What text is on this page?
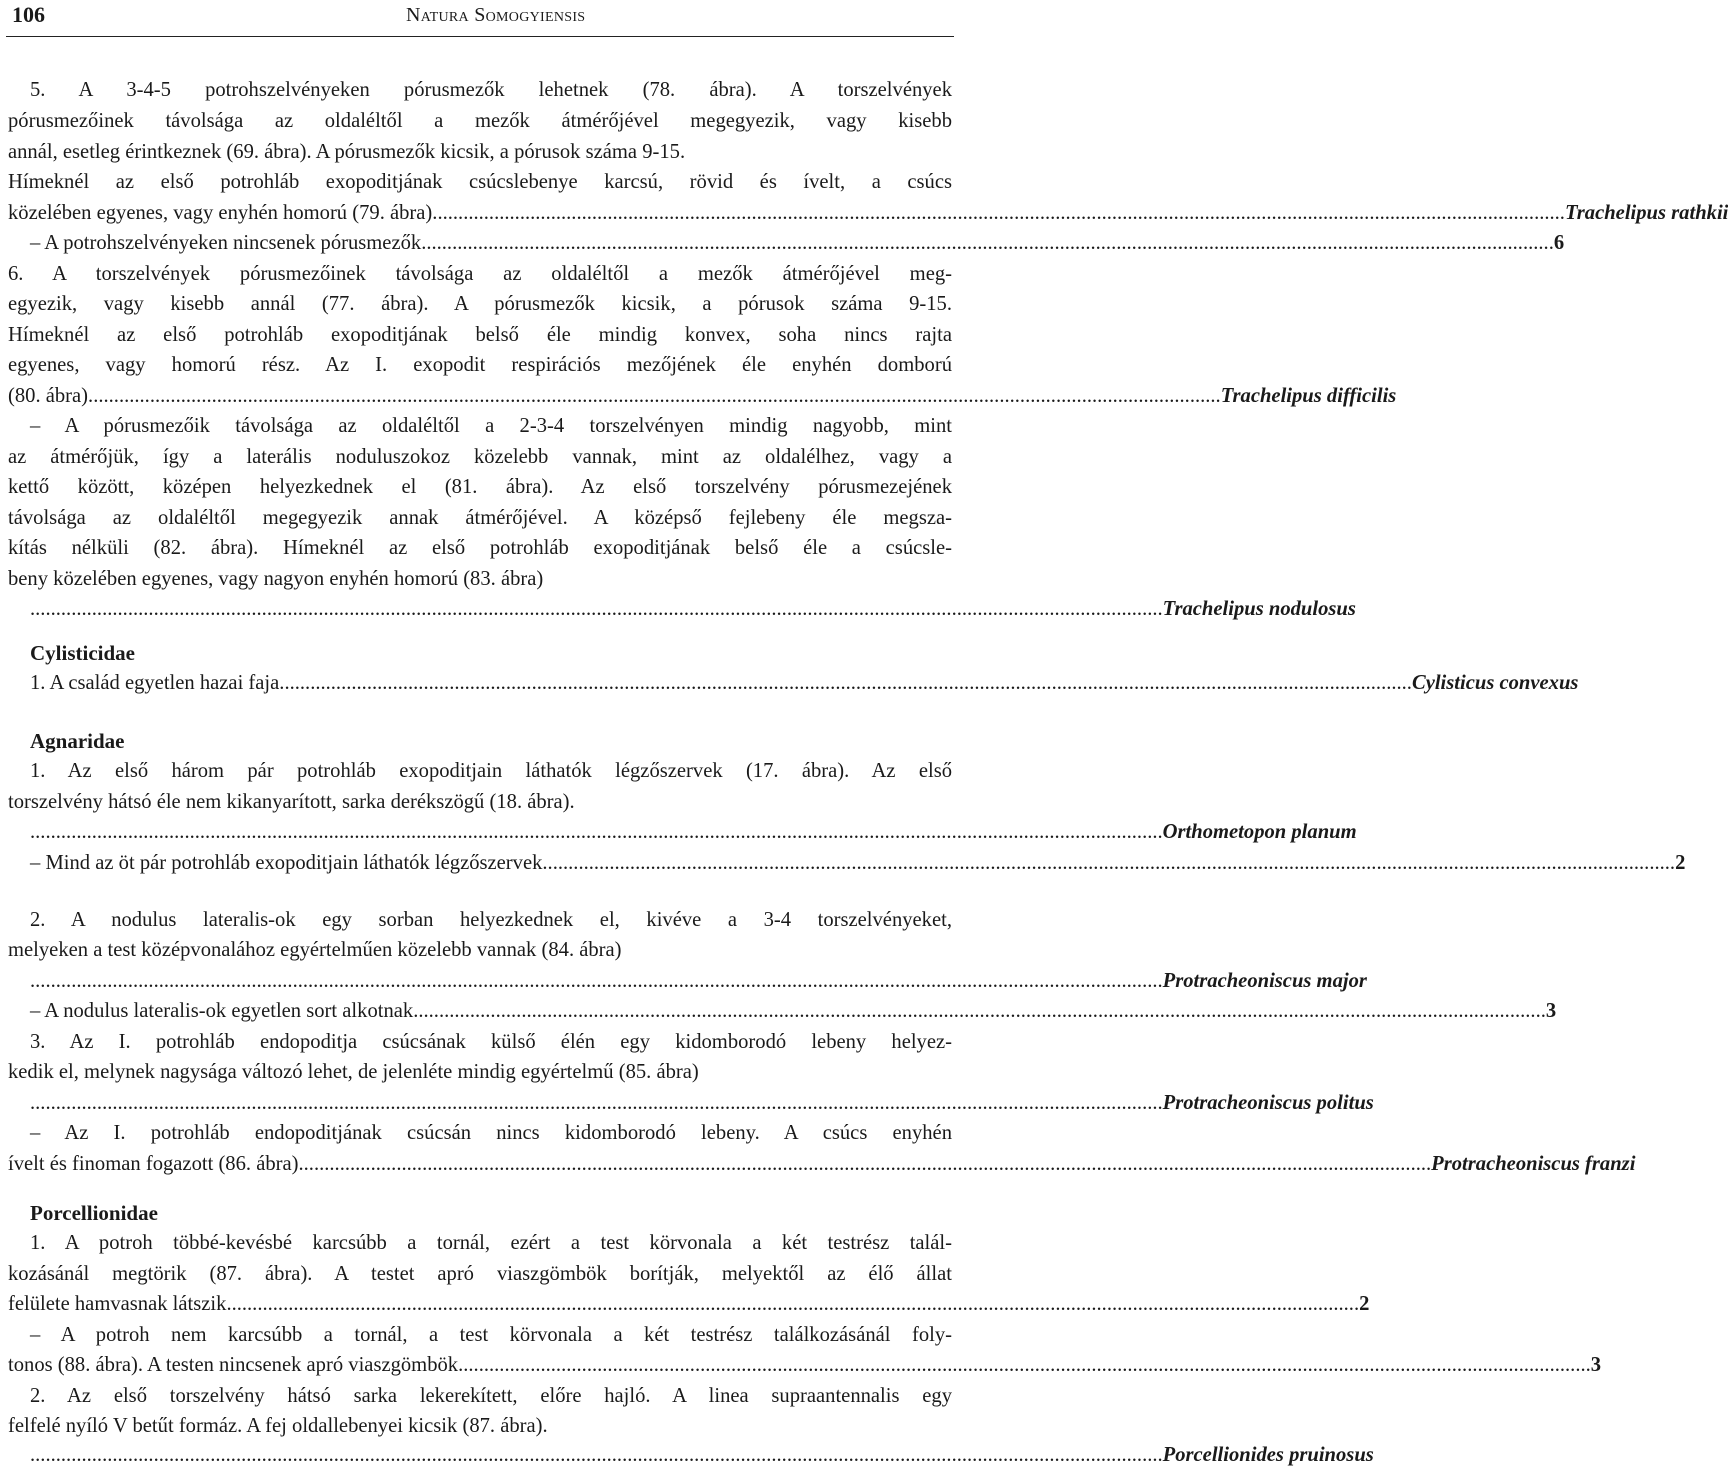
106	Natura Somogyiensis
5. A 3-4-5 potrohszelvényeken pórusmezők lehetnek (78. ábra). A torszelvények
pórusmezőinek távolsága az oldaléltől a mezők átmérőjével megegyezik, vagy kisebb
annál, esetleg érintkeznek (69. ábra). A pórusmezők kicsik, a pórusok száma 9-15.
Hímeknél az első potrohláb exopoditjának csúcslebenye karcsú, rövid és ívelt, a csúcs
közelében egyenes, vagy enyhén homorú (79. ábra) ............................................................................................................................................................................................................................ Trachelipus rathkii
– A potrohszelvényeken nincsenek pórusmezők ............................................................................................................................................................................................................................ 6
6. A torszelvények pórusmezőinek távolsága az oldaléltől a mezők átmérőjével meg-
egyezik, vagy kisebb annál (77. ábra). A pórusmezők kicsik, a pórusok száma 9-15.
Hímeknél az első potrohláb exopoditjának belső éle mindig konvex, soha nincs rajta
egyenes, vagy homorú rész. Az I. exopodit respirációs mezőjének éle enyhén domború
(80. ábra) ............................................................................................................................................................................................................................ Trachelipus difficilis
– A pórusmezőik távolsága az oldaléltől a 2-3-4 torszelvényen mindig nagyobb, mint
az átmérőjük, így a laterális noduluszokoz közelebb vannak, mint az oldalélhez, vagy a
kettő között, középen helyezkednek el (81. ábra). Az első torszelvény pórusmezejének
távolsága az oldaléltől megegyezik annak átmérőjével. A középső fejlebeny éle megsza-
kítás nélküli (82. ábra). Hímeknél az első potrohláb exopoditjának belső éle a csúcsle-
beny közelében egyenes, vagy nagyon enyhén homorú (83. ábra)
............................................................................................................................................................................................................................ Trachelipus nodulosus
Cylisticidae
1. A család egyetlen hazai faja ............................................................................................................................................................................................................................ Cylisticus convexus
Agnaridae
1. Az első három pár potrohláb exopoditjain láthatók légzőszervek (17. ábra). Az első
torszelvény hátsó éle nem kikanyarított, sarka derékszögű (18. ábra).
............................................................................................................................................................................................................................ Orthometopon planum
– Mind az öt pár potrohláb exopoditjain láthatók légzőszervek ............................................................................................................................................................................................................................ 2
2. A nodulus lateralis-ok egy sorban helyezkednek el, kivéve a 3-4 torszelvényeket,
melyeken a test középvonalához egyértelműen közelebb vannak (84. ábra)
............................................................................................................................................................................................................................ Protracheoniscus major
– A nodulus lateralis-ok egyetlen sort alkotnak ............................................................................................................................................................................................................................ 3
3. Az I. potrohláb endopoditja csúcsának külső élén egy kidomborodó lebeny helyez-
kedik el, melynek nagysága változó lehet, de jelenléte mindig egyértelmű (85. ábra)
............................................................................................................................................................................................................................ Protracheoniscus politus
– Az I. potrohláb endopoditjának csúcsán nincs kidomborodó lebeny. A csúcs enyhén
ívelt és finoman fogazott (86. ábra) ............................................................................................................................................................................................................................ Protracheoniscus franzi
Porcellionidae
1. A potroh többé-kevésbé karcsúbb a tornál, ezért a test körvonala a két testrész talál-
kozásánál megtörik (87. ábra). A testet apró viaszgömbök borítják, melyektől az élő állat
felülete hamvasnak látszik ............................................................................................................................................................................................................................ 2
– A potroh nem karcsúbb a tornál, a test körvonala a két testrész találkozásánál foly-
tonos (88. ábra). A testen nincsenek apró viaszgömbök ............................................................................................................................................................................................................................ 3
2. Az első torszelvény hátsó sarka lekerekített, előre hajló. A linea supraantennalis egy
felfelé nyíló V betűt formáz. A fej oldallebenyei kicsik (87. ábra).
............................................................................................................................................................................................................................ Porcellionides pruinosus
